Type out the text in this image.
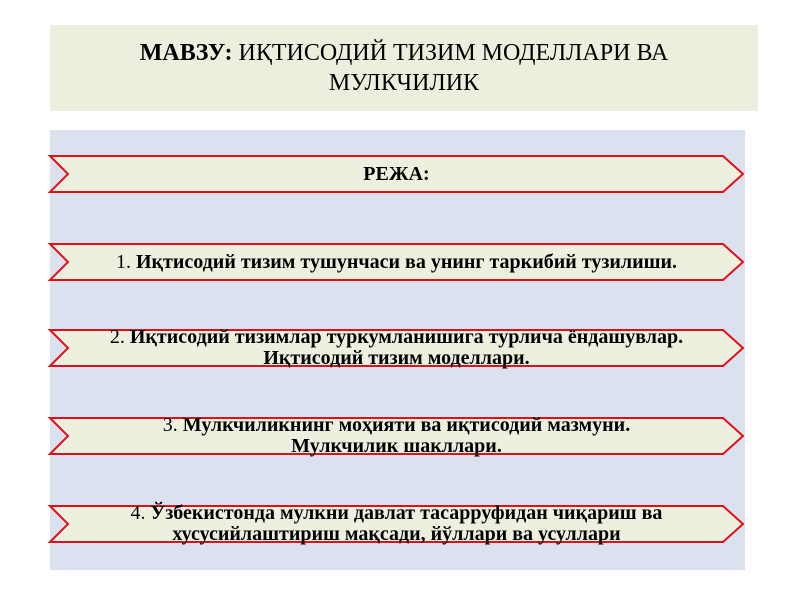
МАВЗУ: ИҚТИСОДИЙ ТИЗИМ МОДЕЛЛАРИ ВА
МУЛКЧИЛИК
РЕЖА:
1. Иқтисодий тизим тушунчаси ва унинг таркибий тузилиши.
2. Иқтисодий тизимлар туркумланишига турлича ёндашувлар.
Иқтисодий тизим моделлари.
3. Мулкчиликнинг моҳияти ва иқтисодий мазмуни.
Мулкчилик шакллари.
4. Ўзбекистонда мулкни давлат тасарруфидан чиқариш ва
хусусийлаштириш мақсади, йўллари ва усуллари
